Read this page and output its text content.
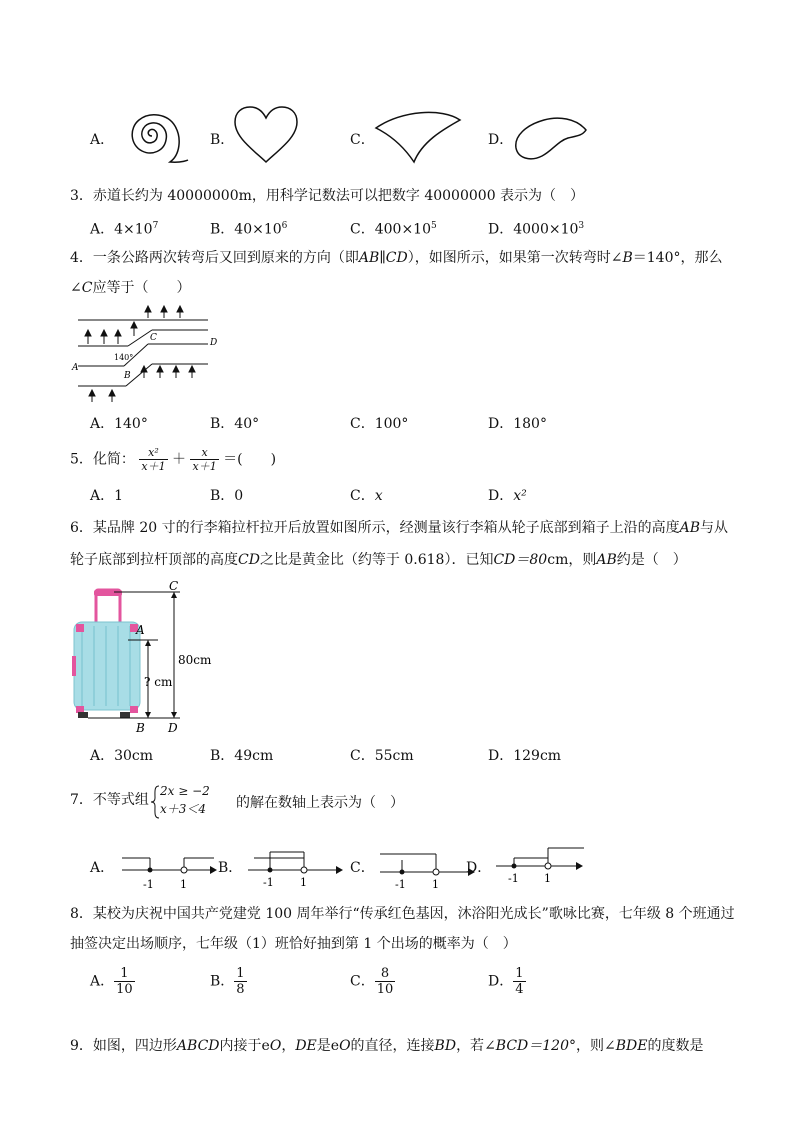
A．	B．	C．	D．
3．赤道长约为 40000000m，用科学记数法可以把数字 40000000 表示为（　）
A．$4\times 10^7$	B．$40\times 10^6$	C．$400\times 10^5$	D．$4000\times 10^3$
4．一条公路两次转弯后又回到原来的方向（即AB∥CD），如图所示，如果第一次转弯时∠B＝140°，那么
∠C应等于（　　）
A
B
C	D
140°
A．140°	B．40°	C．100°	D．180°
5．化简： $\frac{\text{x²}}{x+1} + \frac{x}{x+1}$ ＝(　　)
A．1	B．0	C．x	D．x²
6．某品牌 20 寸的行李箱拉杆拉开后放置如图所示，经测量该行李箱从轮子底部到箱子上沿的高度AB与从
轮子底部到拉杆顶部的高度CD之比是黄金比（约等于 0.618）．已知CD＝80cm，则AB约是（　）
C
A
B D
80cm
? cm
A．30cm	B．49cm	C．55cm	D．129cm
7．不等式组
2x ≥ −2
x＋3＜4 的解在数轴上表示为（　）
A．
-1 1
B．
-1 1
C．
-1 1
D．
-1 1
8．某校为庆祝中国共产党建党 100 周年举行“传承红色基因，沐浴阳光成长”歌咏比赛，七年级 8 个班通过
抽签决定出场顺序，七年级（1）班恰好抽到第 1 个出场的概率为（　）
A． $\frac{1}{10}$	B． $\frac{1}{8}$	C． $\frac{8}{10}$	D． $\frac{1}{4}$
9．如图，四边形ABCD内接于eO，DE是eO的直径，连接BD，若∠BCD＝120°，则∠BDE的度数是
